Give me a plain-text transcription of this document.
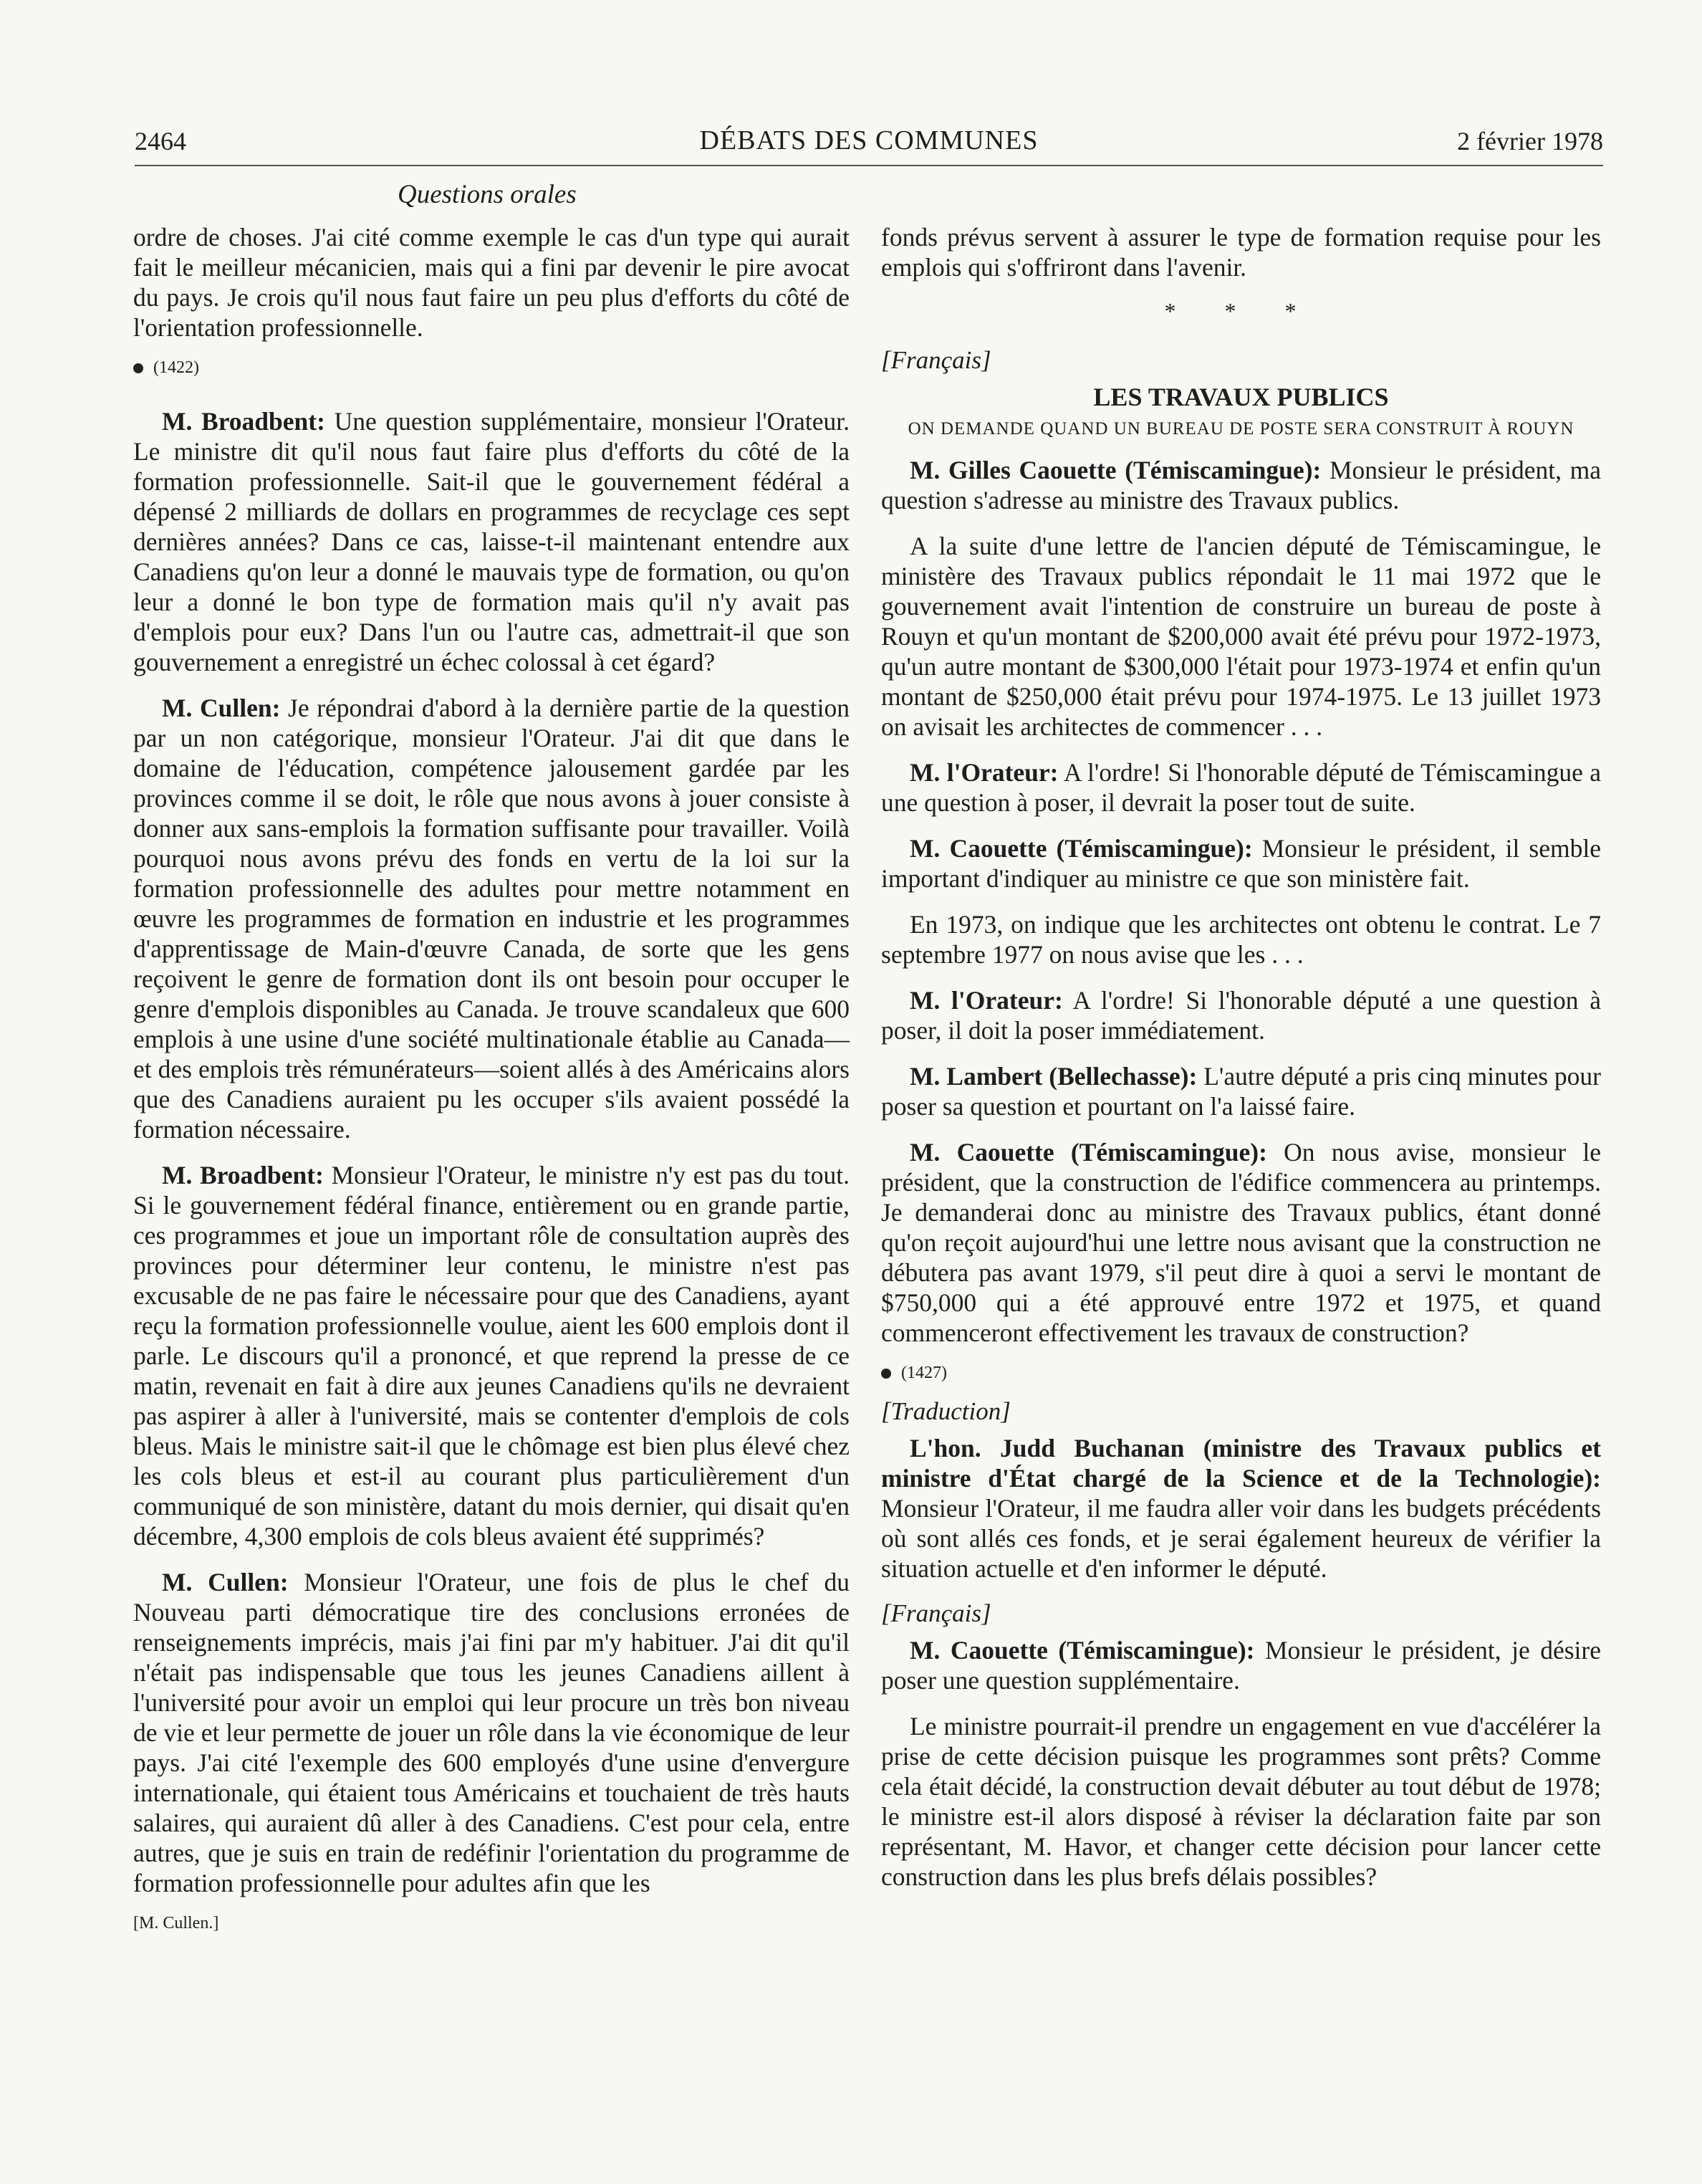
2464	DÉBATS DES COMMUNES	2 février 1978
Questions orales

ordre de choses. J'ai cité comme exemple le cas d'un type qui aurait fait le meilleur mécanicien, mais qui a fini par devenir le pire avocat du pays. Je crois qu'il nous faut faire un peu plus d'efforts du côté de l'orientation professionnelle.

(1422)

M. Broadbent: Une question supplémentaire, monsieur l'Orateur. Le ministre dit qu'il nous faut faire plus d'efforts du côté de la formation professionnelle. Sait-il que le gouvernement fédéral a dépensé 2 milliards de dollars en programmes de recyclage ces sept dernières années? Dans ce cas, laisse-t-il maintenant entendre aux Canadiens qu'on leur a donné le mauvais type de formation, ou qu'on leur a donné le bon type de formation mais qu'il n'y avait pas d'emplois pour eux? Dans l'un ou l'autre cas, admettrait-il que son gouvernement a enregistré un échec colossal à cet égard?

M. Cullen: Je répondrai d'abord à la dernière partie de la question par un non catégorique, monsieur l'Orateur. J'ai dit que dans le domaine de l'éducation, compétence jalousement gardée par les provinces comme il se doit, le rôle que nous avons à jouer consiste à donner aux sans-emplois la formation suffisante pour travailler. Voilà pourquoi nous avons prévu des fonds en vertu de la loi sur la formation professionnelle des adultes pour mettre notamment en œuvre les programmes de formation en industrie et les programmes d'apprentissage de Main-d'œuvre Canada, de sorte que les gens reçoivent le genre de formation dont ils ont besoin pour occuper le genre d'emplois disponibles au Canada. Je trouve scandaleux que 600 emplois à une usine d'une société multinationale établie au Canada—et des emplois très rémunérateurs—soient allés à des Américains alors que des Canadiens auraient pu les occuper s'ils avaient possédé la formation nécessaire.

M. Broadbent: Monsieur l'Orateur, le ministre n'y est pas du tout. Si le gouvernement fédéral finance, entièrement ou en grande partie, ces programmes et joue un important rôle de consultation auprès des provinces pour déterminer leur contenu, le ministre n'est pas excusable de ne pas faire le nécessaire pour que des Canadiens, ayant reçu la formation professionnelle voulue, aient les 600 emplois dont il parle. Le discours qu'il a prononcé, et que reprend la presse de ce matin, revenait en fait à dire aux jeunes Canadiens qu'ils ne devraient pas aspirer à aller à l'université, mais se contenter d'emplois de cols bleus. Mais le ministre sait-il que le chômage est bien plus élevé chez les cols bleus et est-il au courant plus particulièrement d'un communiqué de son ministère, datant du mois dernier, qui disait qu'en décembre, 4,300 emplois de cols bleus avaient été supprimés?

M. Cullen: Monsieur l'Orateur, une fois de plus le chef du Nouveau parti démocratique tire des conclusions erronées de renseignements imprécis, mais j'ai fini par m'y habituer. J'ai dit qu'il n'était pas indispensable que tous les jeunes Canadiens aillent à l'université pour avoir un emploi qui leur procure un très bon niveau de vie et leur permette de jouer un rôle dans la vie économique de leur pays. J'ai cité l'exemple des 600 employés d'une usine d'envergure internationale, qui étaient tous Américains et touchaient de très hauts salaires, qui auraient dû aller à des Canadiens. C'est pour cela, entre autres, que je suis en train de redéfinir l'orientation du programme de formation professionnelle pour adultes afin que les

[M. Cullen.]

fonds prévus servent à assurer le type de formation requise pour les emplois qui s'offriront dans l'avenir.

* * *
[Français]
LES TRAVAUX PUBLICS
ON DEMANDE QUAND UN BUREAU DE POSTE SERA CONSTRUIT À ROUYN

M. Gilles Caouette (Témiscamingue): Monsieur le président, ma question s'adresse au ministre des Travaux publics.

A la suite d'une lettre de l'ancien député de Témiscamingue, le ministère des Travaux publics répondait le 11 mai 1972 que le gouvernement avait l'intention de construire un bureau de poste à Rouyn et qu'un montant de $200,000 avait été prévu pour 1972-1973, qu'un autre montant de $300,000 l'était pour 1973-1974 et enfin qu'un montant de $250,000 était prévu pour 1974-1975. Le 13 juillet 1973 on avisait les architectes de commencer . . .

M. l'Orateur: A l'ordre! Si l'honorable député de Témiscamingue a une question à poser, il devrait la poser tout de suite.

M. Caouette (Témiscamingue): Monsieur le président, il semble important d'indiquer au ministre ce que son ministère fait.

En 1973, on indique que les architectes ont obtenu le contrat. Le 7 septembre 1977 on nous avise que les . . .

M. l'Orateur: A l'ordre! Si l'honorable député a une question à poser, il doit la poser immédiatement.

M. Lambert (Bellechasse): L'autre député a pris cinq minutes pour poser sa question et pourtant on l'a laissé faire.

M. Caouette (Témiscamingue): On nous avise, monsieur le président, que la construction de l'édifice commencera au printemps. Je demanderai donc au ministre des Travaux publics, étant donné qu'on reçoit aujourd'hui une lettre nous avisant que la construction ne débutera pas avant 1979, s'il peut dire à quoi a servi le montant de $750,000 qui a été approuvé entre 1972 et 1975, et quand commenceront effectivement les travaux de construction?

(1427)
[Traduction]

L'hon. Judd Buchanan (ministre des Travaux publics et ministre d'État chargé de la Science et de la Technologie): Monsieur l'Orateur, il me faudra aller voir dans les budgets précédents où sont allés ces fonds, et je serai également heureux de vérifier la situation actuelle et d'en informer le député.

[Français]

M. Caouette (Témiscamingue): Monsieur le président, je désire poser une question supplémentaire.

Le ministre pourrait-il prendre un engagement en vue d'accélérer la prise de cette décision puisque les programmes sont prêts? Comme cela était décidé, la construction devait débuter au tout début de 1978; le ministre est-il alors disposé à réviser la déclaration faite par son représentant, M. Havor, et changer cette décision pour lancer cette construction dans les plus brefs délais possibles?
